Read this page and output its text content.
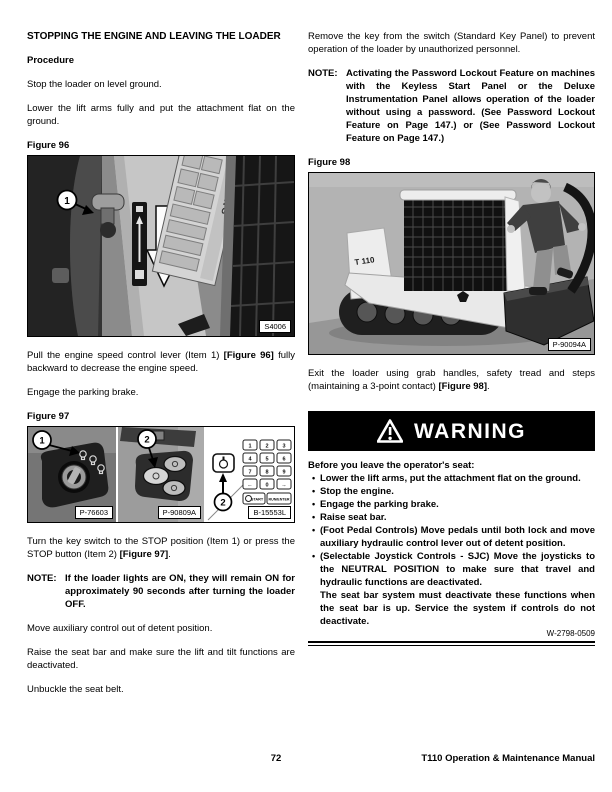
STOPPING THE ENGINE AND LEAVING THE LOADER
Procedure

Stop the loader on level ground.

Lower the lift arms fully and put the attachment flat on the ground.

Figure 96
1
S4006

Pull the engine speed control lever (Item 1) [Figure 96] fully backward to decrease the engine speed.

Engage the parking brake.

Figure 97
1
P-76603
2
P-90809A
1	2	3
4	5	6
7	8	9
← 0 →
START RUN/ENTER
2
B-15553L

Turn the key switch to the STOP position (Item 1) or press the STOP button (Item 2) [Figure 97].

NOTE: If the loader lights are ON, they will remain ON for approximately 90 seconds after turning the loader OFF.

Move auxiliary control out of detent position.

Raise the seat bar and make sure the lift and tilt functions are deactivated.

Unbuckle the seat belt.

Remove the key from the switch (Standard Key Panel) to prevent operation of the loader by unauthorized personnel.

NOTE: Activating the Password Lockout Feature on machines with the Keyless Start Panel or the Deluxe Instrumentation Panel allows operation of the loader without using a password. (See Password Lockout Feature on Page 147.) or (See Password Lockout Feature on Page 147.)
Figure 98
T 110
P-90094A

Exit the loader using grab handles, safety tread and steps (maintaining a 3-point contact) [Figure 98].

WARNING
Before you leave the operator's seat:
• Lower the lift arms, put the attachment flat on the ground.
• Stop the engine.
• Engage the parking brake.
• Raise seat bar.
• (Foot Pedal Controls) Move pedals until both lock and move auxiliary hydraulic control lever out of detent position.
• (Selectable Joystick Controls - SJC) Move the joysticks to the NEUTRAL POSITION to make sure that travel and hydraulic functions are deactivated.
The seat bar system must deactivate these functions when the seat bar is up. Service the system if controls do not deactivate.
W-2798-0509
72	T110 Operation & Maintenance Manual
